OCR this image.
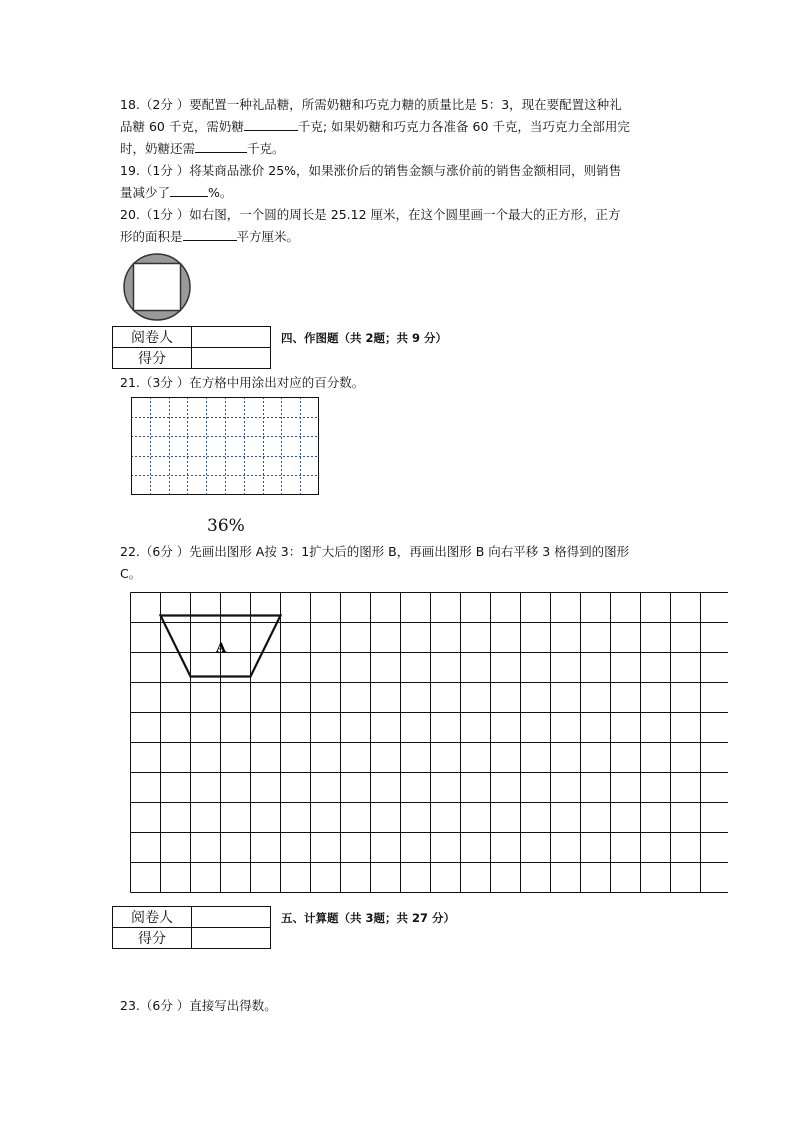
18.（2分 ）要配置一种礼品糖，所需奶糖和巧克力糖的质量比是 5：3，现在要配置这种礼
品糖 60 千克，需奶糖	千克; 如果奶糖和巧克力各准备 60 千克，当巧克力全部用完
时，奶糖还需	千克。
19.（1分 ）将某商品涨价 25%，如果涨价后的销售金额与涨价前的销售金额相同，则销售
量减少了	%。
20.（1分 ）如右图，一个圆的周长是 25.12 厘米，在这个圆里画一个最大的正方形，正方
形的面积是	平方厘米。
阅卷人	
得分	
四、作图题（共 2题；共 9 分）
21.（3分 ）在方格中用涂出对应的百分数。
36%
22.（6分 ）先画出图形 A按 3：1扩大后的图形 B，再画出图形 B 向右平移 3 格得到的图形
C。
A
阅卷人	
得分	
五、计算题（共 3题；共 27 分）
23.（6分 ）直接写出得数。
